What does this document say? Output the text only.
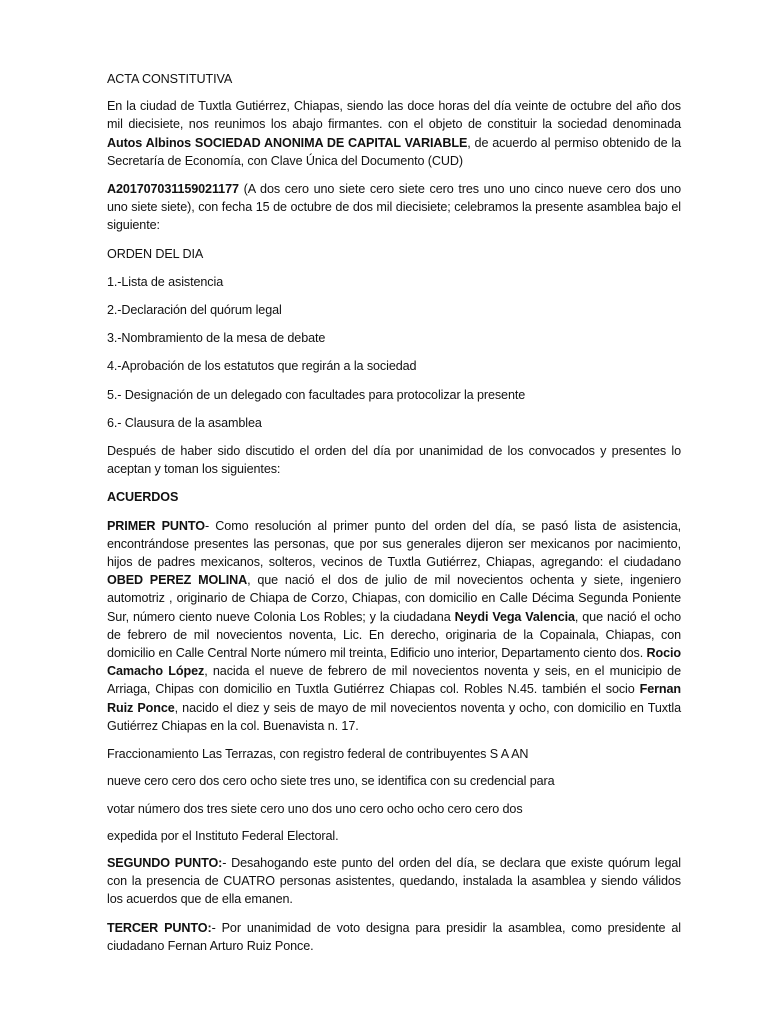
ACTA CONSTITUTIVA

En la ciudad de Tuxtla Gutiérrez, Chiapas, siendo las doce horas del día veinte de octubre del año dos mil diecisiete, nos reunimos los abajo firmantes. con el objeto de constituir la sociedad denominada Autos Albinos SOCIEDAD ANONIMA DE CAPITAL VARIABLE, de acuerdo al permiso obtenido de la Secretaría de Economía, con Clave Única del Documento (CUD)

A201707031159021177 (A dos cero uno siete cero siete cero tres uno uno cinco nueve cero dos uno uno siete siete), con fecha 15 de octubre de dos mil diecisiete; celebramos la presente asamblea bajo el siguiente:

ORDEN DEL DIA

1.-Lista de asistencia

2.-Declaración del quórum legal

3.-Nombramiento de la mesa de debate

4.-Aprobación de los estatutos que regirán a la sociedad

5.- Designación de un delegado con facultades para protocolizar la presente

6.- Clausura de la asamblea

Después de haber sido discutido el orden del día por unanimidad de los convocados y presentes lo aceptan y toman los siguientes:

ACUERDOS

PRIMER PUNTO- Como resolución al primer punto del orden del día, se pasó lista de asistencia, encontrándose presentes las personas, que por sus generales dijeron ser mexicanos por nacimiento, hijos de padres mexicanos, solteros, vecinos de Tuxtla Gutiérrez, Chiapas, agregando: el ciudadano OBED PEREZ MOLINA, que nació el dos de julio de mil novecientos ochenta y siete, ingeniero automotriz , originario de Chiapa de Corzo, Chiapas, con domicilio en Calle Décima Segunda Poniente Sur, número ciento nueve Colonia Los Robles; y la ciudadana Neydi Vega Valencia, que nació el ocho de febrero de mil novecientos noventa, Lic. En derecho, originaria de la Copainala, Chiapas, con domicilio en Calle Central Norte número mil treinta, Edificio uno interior, Departamento ciento dos. Rocio Camacho López, nacida el nueve de febrero de mil novecientos noventa y seis, en el municipio de Arriaga, Chipas con domicilio en Tuxtla Gutiérrez Chiapas col. Robles N.45. también el socio Fernan Ruiz Ponce, nacido el diez y seis de mayo de mil novecientos noventa y ocho, con domicilio en Tuxtla Gutiérrez Chiapas en la col. Buenavista n. 17.

Fraccionamiento Las Terrazas, con registro federal de contribuyentes S A AN

nueve cero cero dos cero ocho siete tres uno, se identifica con su credencial para

votar número dos tres siete cero uno dos uno cero ocho ocho cero cero dos

expedida por el Instituto Federal Electoral.

SEGUNDO PUNTO:- Desahogando este punto del orden del día, se declara que existe quórum legal con la presencia de CUATRO personas asistentes, quedando, instalada la asamblea y siendo válidos los acuerdos que de ella emanen.

TERCER PUNTO:- Por unanimidad de voto designa para presidir la asamblea, como presidente al ciudadano Fernan Arturo Ruiz Ponce.
